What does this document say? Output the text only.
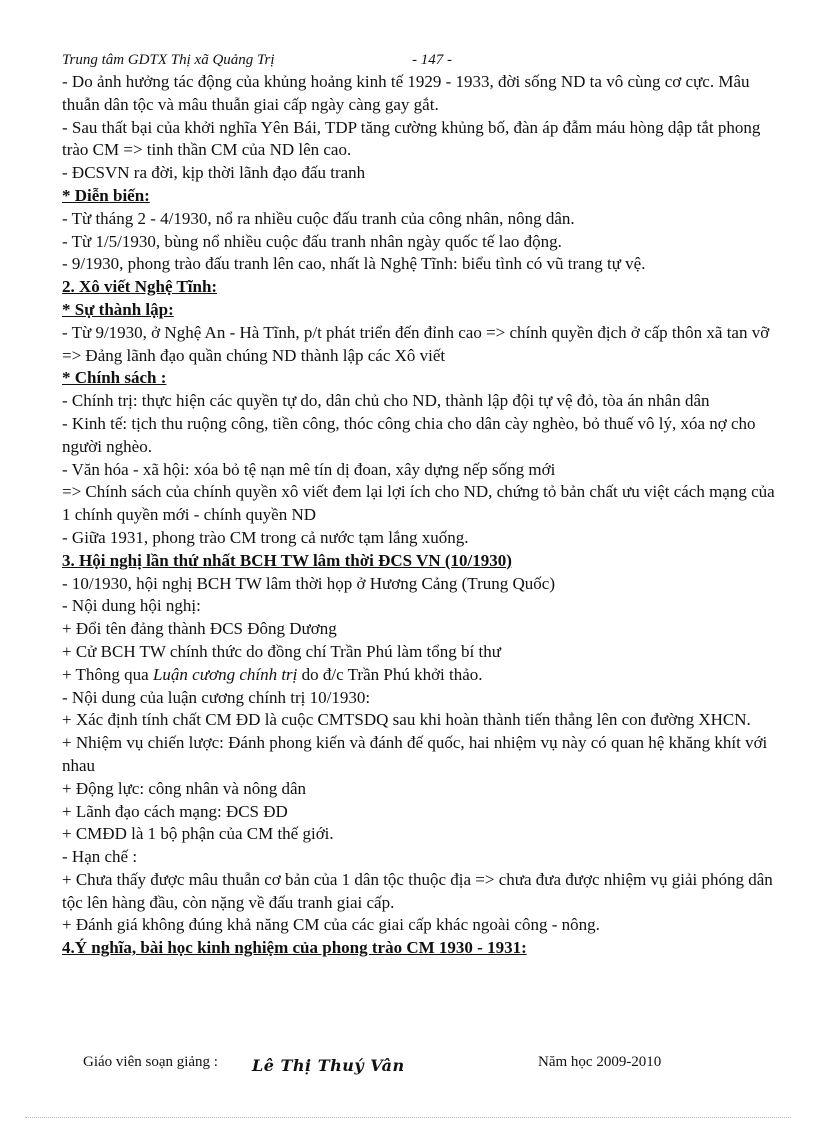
Trung tâm GDTX Thị xã Quảng Trị	- 147 -
- Do ảnh hưởng tác động của khủng hoảng kinh tế 1929 - 1933, đời sống ND ta vô cùng cơ cực. Mâu thuẫn dân tộc và mâu thuẫn giai cấp ngày càng gay gắt.
- Sau thất bại của khởi nghĩa Yên Bái, TDP tăng cường khủng bố, đàn áp đẫm máu hòng dập tắt phong trào CM => tinh thần CM của ND lên cao.
- ĐCSVN ra đời, kịp thời lãnh đạo đấu tranh
* Diễn biến:
- Từ tháng 2 - 4/1930, nổ ra nhiều cuộc đấu tranh của công nhân, nông dân.
- Từ 1/5/1930, bùng nổ nhiều cuộc đấu tranh nhân ngày quốc tế lao động.
- 9/1930, phong trào đấu tranh lên cao, nhất là Nghệ Tĩnh: biểu tình có vũ trang tự vệ.
2. Xô viết Nghệ Tĩnh:
* Sự thành lập:
- Từ 9/1930, ở Nghệ An - Hà Tĩnh, p/t phát triển đến đỉnh cao => chính quyền địch ở cấp thôn xã tan vỡ => Đảng lãnh đạo quần chúng ND thành lập các Xô viết
* Chính sách :
- Chính trị: thực hiện các quyền tự do, dân chủ cho ND, thành lập đội tự vệ đỏ, tòa án nhân dân
- Kinh tế: tịch thu ruộng công, tiền công, thóc công chia cho dân cày nghèo, bỏ thuế vô lý, xóa nợ cho người nghèo.
- Văn hóa - xã hội: xóa bỏ tệ nạn mê tín dị đoan, xây dựng nếp sống mới
=> Chính sách của chính quyền xô viết đem lại lợi ích cho ND, chứng tỏ bản chất ưu việt cách mạng của 1 chính quyền mới - chính quyền ND
- Giữa 1931, phong trào CM trong cả nước tạm lắng xuống.
3. Hội nghị lần thứ nhất BCH TW lâm thời ĐCS VN (10/1930)
- 10/1930, hội nghị BCH TW lâm thời họp ở Hương Cảng (Trung Quốc)
- Nội dung hội nghị:
+ Đổi tên đảng thành ĐCS Đông Dương
+ Cử BCH TW chính thức do đồng chí Trần Phú làm tổng bí thư
+ Thông qua Luận cương chính trị do đ/c Trần Phú khởi thảo.
- Nội dung của luận cương chính trị 10/1930:
+ Xác định tính chất CM ĐD là cuộc CMTSDQ sau khi hoàn thành tiến thẳng lên con đường XHCN.
+ Nhiệm vụ chiến lược: Đánh phong kiến và đánh đế quốc, hai nhiệm vụ này có quan hệ khăng khít với nhau
+ Động lực: công nhân và nông dân
+ Lãnh đạo cách mạng: ĐCS ĐD
+ CMĐD là 1 bộ phận của CM thế giới.
- Hạn chế :
+ Chưa thấy được mâu thuẫn cơ bản của 1 dân tộc thuộc địa => chưa đưa được nhiệm vụ giải phóng dân tộc lên hàng đầu, còn nặng về đấu tranh giai cấp.
+ Đánh giá không đúng khả năng CM của các giai cấp khác ngoài công - nông.
4.Ý nghĩa, bài học kinh nghiệm của phong trào CM 1930 - 1931:
Giáo viên soạn giảng : Lê Thị Thuý Vân	Năm học 2009-2010
